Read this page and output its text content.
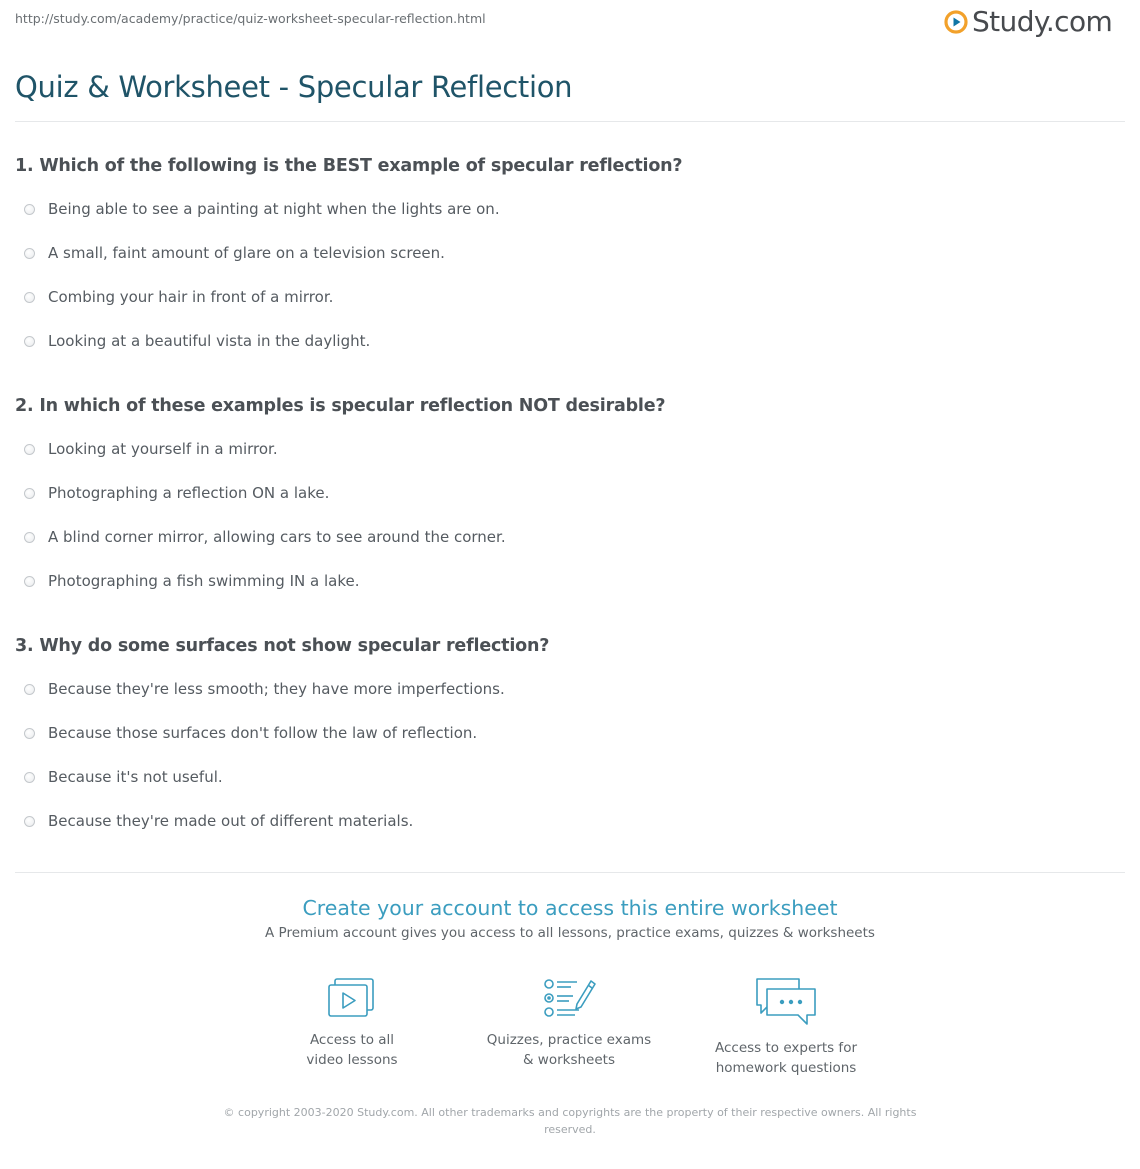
http://study.com/academy/practice/quiz-worksheet-specular-reflection.html	Study.com
Quiz & Worksheet - Specular Reflection
1. Which of the following is the BEST example of specular reflection?
Being able to see a painting at night when the lights are on.
A small, faint amount of glare on a television screen.
Combing your hair in front of a mirror.
Looking at a beautiful vista in the daylight.
2. In which of these examples is specular reflection NOT desirable?
Looking at yourself in a mirror.
Photographing a reflection ON a lake.
A blind corner mirror, allowing cars to see around the corner.
Photographing a fish swimming IN a lake.
3. Why do some surfaces not show specular reflection?
Because they're less smooth; they have more imperfections.
Because those surfaces don't follow the law of reflection.
Because it's not useful.
Because they're made out of different materials.
Create your account to access this entire worksheet
A Premium account gives you access to all lessons, practice exams, quizzes & worksheets
Access to all
video lessons
Quizzes, practice exams
& worksheets
Access to experts for
homework questions
© copyright 2003-2020 Study.com. All other trademarks and copyrights are the property of their respective owners. All rights reserved.
